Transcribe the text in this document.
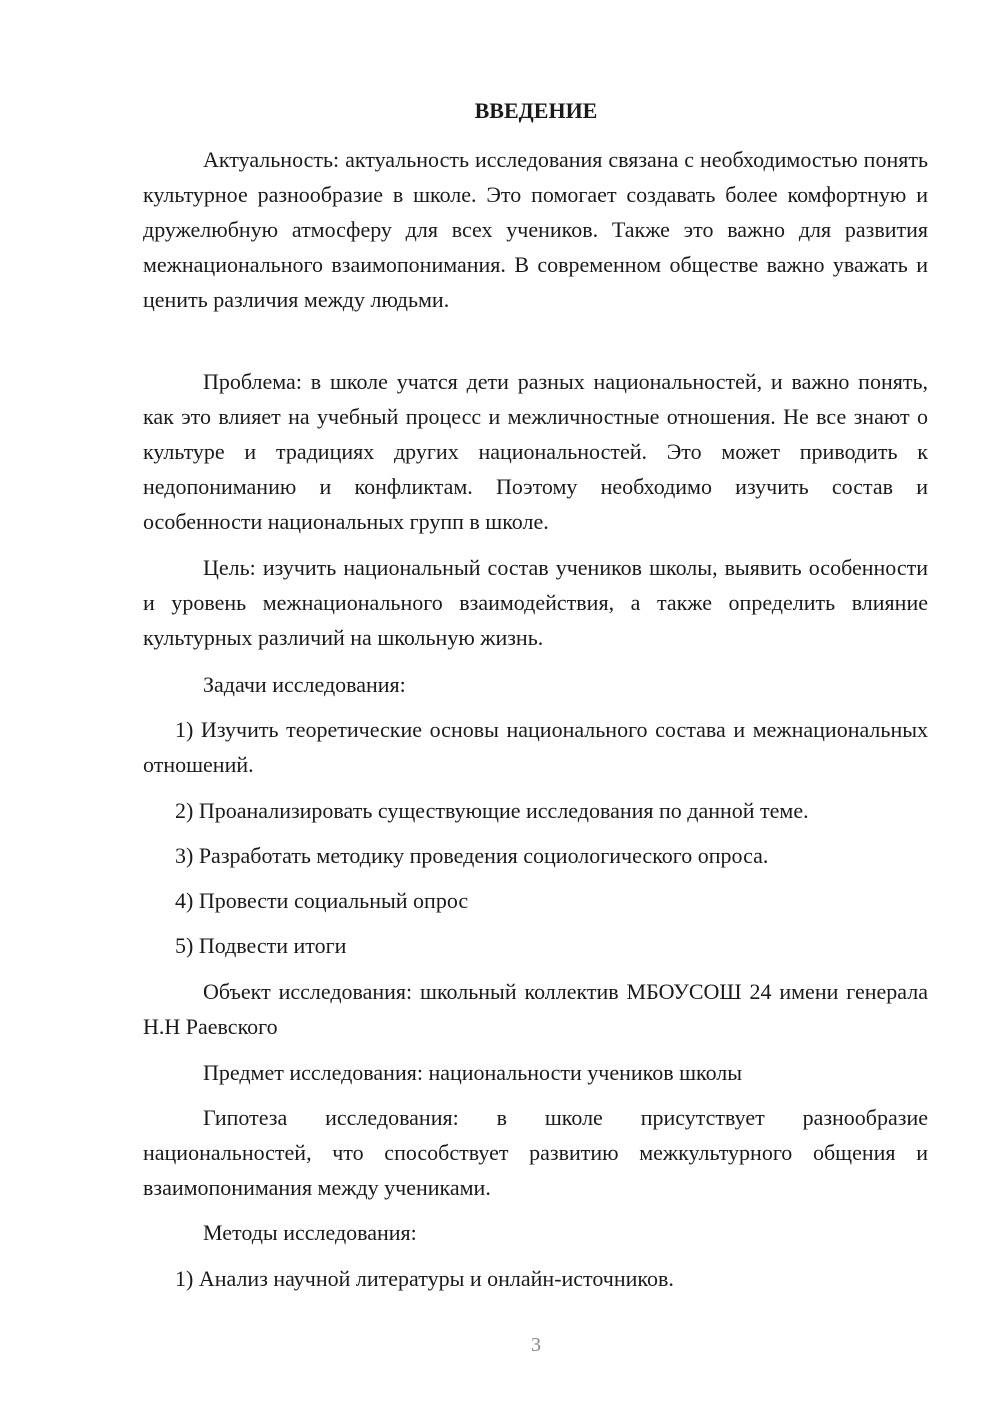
ВВЕДЕНИЕ

Актуальность: актуальность исследования связана с необходимостью понять культурное разнообразие в школе. Это помогает создавать более комфортную и дружелюбную атмосферу для всех учеников. Также это важно для развития межнационального взаимопонимания. В современном обществе важно уважать и ценить различия между людьми.

Проблема: в школе учатся дети разных национальностей, и важно понять, как это влияет на учебный процесс и межличностные отношения. Не все знают о культуре и традициях других национальностей. Это может приводить к недопониманию и конфликтам. Поэтому необходимо изучить состав и особенности национальных групп в школе.

Цель: изучить национальный состав учеников школы, выявить особенности и уровень межнационального взаимодействия, а также определить влияние культурных различий на школьную жизнь.

Задачи исследования:

1) Изучить теоретические основы национального состава и межнациональных отношений.

2) Проанализировать существующие исследования по данной теме.

3) Разработать методику проведения социологического опроса.

4) Провести социальный опрос

5) Подвести итоги

Объект исследования: школьный коллектив МБОУСОШ 24 имени генерала Н.Н Раевского

Предмет исследования: национальности учеников школы

Гипотеза исследования: в школе присутствует разнообразие национальностей, что способствует развитию межкультурного общения и взаимопонимания между учениками.

Методы исследования:

1) Анализ научной литературы и онлайн-источников.

3
